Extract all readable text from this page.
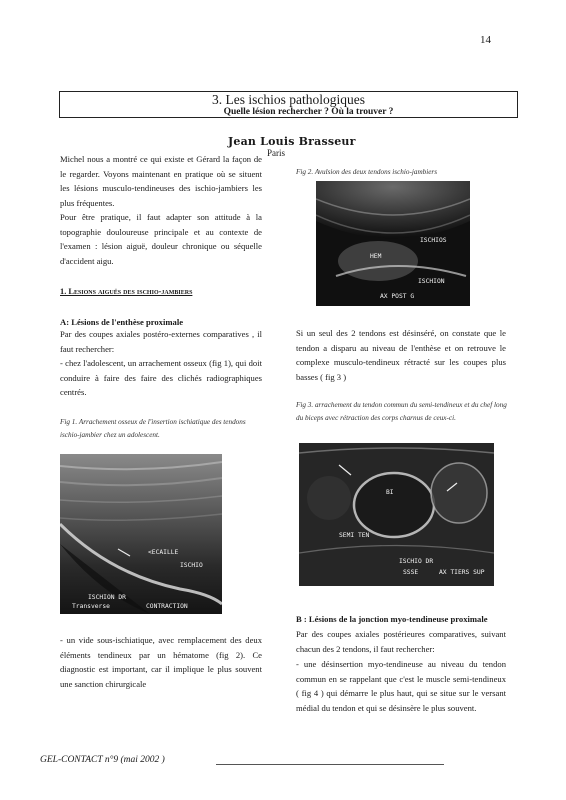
14
3. Les ischios pathologiques
Quelle lésion rechercher ? Où la trouver ?
Jean Louis Brasseur
Paris
Michel nous a montré ce qui existe et Gérard la façon de le regarder. Voyons maintenant en pratique où se situent les lésions musculo-tendineuses des ischio-jambiers les plus fréquentes.
Pour être pratique, il faut adapter son attitude à la topographie douloureuse principale et au contexte de l'examen : lésion aiguë, douleur chronique ou séquelle d'accident aigu.
1. Lesions aiguës des ischio-jambiers
A: Lésions de l'enthèse proximale
Par des coupes axiales postéro-externes comparatives , il faut rechercher:
- chez l'adolescent, un arrachement osseux (fig 1), qui doit conduire à faire des faire des clichés radiographiques centrés.
Fig 1. Arrachement osseux de l'insertion ischiatique des tendons ischio-jambier chez un adolescent.
<ECAILLE
ISCHIO
ISCHION DR
Transverse	CONTRACTION
- un vide sous-ischiatique, avec remplacement des deux éléments tendineux par un hématome (fig 2). Ce diagnostic est important, car il implique le plus souvent une sanction chirurgicale
Fig 2. Avulsion des deux tendons ischio-jambiers
ISCHIOS
HEM
ISCHION
AX POST G
Si un seul des 2 tendons est désinséré, on constate que le tendon a disparu au niveau de l'enthèse et on retrouve le complexe musculo-tendineux rétracté sur les coupes plus basses ( fig 3 )
Fig 3. arrachement du tendon commun du semi-tendineux et du chef long du biceps avec rétraction des corps charnus de ceux-ci.
BI
SEMI TEN
ISCHIO DR
SSSE	AX TIERS SUP
B : Lésions de la jonction myo-tendineuse proximale
Par des coupes axiales postérieures comparatives, suivant chacun des 2 tendons, il faut rechercher:
- une désinsertion myo-tendineuse au niveau du tendon commun en se rappelant que c'est le muscle semi-tendineux ( fig 4 ) qui démarre le plus haut, qui se situe sur le versant médial du tendon et qui se désinsère le plus souvent.
GEL-CONTACT n°9 (mai 2002 )
